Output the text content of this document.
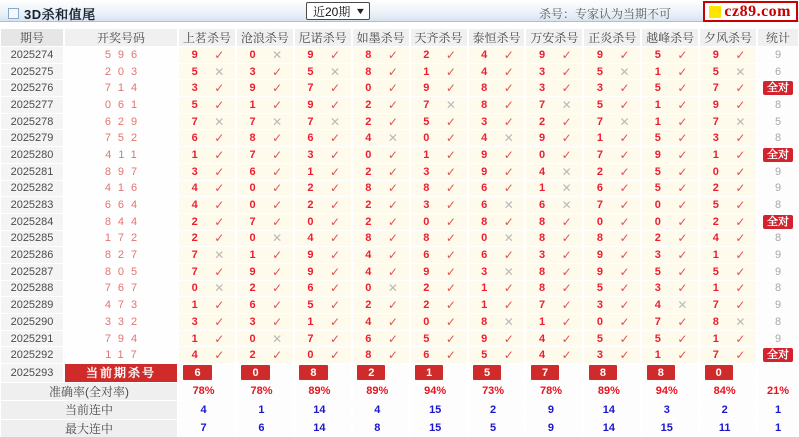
3D杀和值尾	近20期 ▼	杀号：专家认为当期不可	cz89.com
期号	开奖号码	上茗杀号 沧浪杀号 尼诺杀号 如墨杀号 天齐杀号 泰恒杀号 万安杀号 正炎杀号 越峰杀号 夕风杀号	统计
2025274	596	9	✓	0	✕	9	✓	8	✓	2	✓	4	✓	9	✓	9	✓	5	✓	9	✓	9
2025275	203	5	✕	3	✓	5	✕	8	✓	1	✓	4	✓	3	✓	5	✕	1	✓	5	✕	6
2025276	714	3	✓	9	✓	7	✓	0	✓	9	✓	8	✓	3	✓	3	✓	5	✓	7	✓	全对
2025277	061	5	✓	1	✓	9	✓	2	✓	7	✕	8	✓	7	✕	5	✓	1	✓	9	✓	8
2025278	629	7	✕	7	✕	7	✕	2	✓	5	✓	3	✓	2	✓	7	✕	1	✓	7	✕	5
2025279	752	6	✓	8	✓	6	✓	4	✕	0	✓	4	✕	9	✓	1	✓	5	✓	3	✓	8
2025280	411	1	✓	7	✓	3	✓	0	✓	1	✓	9	✓	0	✓	7	✓	9	✓	1	✓	全对
2025281	897	3	✓	6	✓	1	✓	2	✓	3	✓	9	✓	4	✕	2	✓	5	✓	0	✓	9
2025282	416	4	✓	0	✓	2	✓	8	✓	8	✓	6	✓	1	✕	6	✓	5	✓	2	✓	9
2025283	664	4	✓	0	✓	2	✓	2	✓	3	✓	6	✕	6	✕	7	✓	0	✓	5	✓	8
2025284	844	2	✓	7	✓	0	✓	2	✓	0	✓	8	✓	8	✓	0	✓	0	✓	2	✓	全对
2025285	172	2	✓	0	✕	4	✓	8	✓	8	✓	0	✕	8	✓	8	✓	2	✓	4	✓	8
2025286	827	7	✕	1	✓	9	✓	4	✓	6	✓	6	✓	3	✓	9	✓	3	✓	1	✓	9
2025287	805	7	✓	9	✓	9	✓	4	✓	9	✓	3	✕	8	✓	9	✓	5	✓	5	✓	9
2025288	767	0	✕	2	✓	6	✓	0	✕	2	✓	1	✓	8	✓	5	✓	3	✓	1	✓	8
2025289	473	1	✓	6	✓	5	✓	2	✓	2	✓	1	✓	7	✓	3	✓	4	✕	7	✓	9
2025290	332	3	✓	3	✓	1	✓	4	✓	0	✓	8	✕	1	✓	0	✓	7	✓	8	✕	8
2025291	794	1	✓	0	✕	7	✓	6	✓	5	✓	9	✓	4	✓	5	✓	5	✓	1	✓	9
2025292	117	4	✓	2	✓	0	✓	8	✓	6	✓	5	✓	4	✓	3	✓	1	✓	7	✓	全对
2025293	当前期杀号	6	0	8	2	1	5	7	8	8	0
准确率(全对率)	78%	78%	89%	89%	94%	73%	78%	89%	94%	84%	21%
当前连中	4	1	14	4	15	2	9	14	3	2	1
最大连中	7	6	14	8	15	5	9	14	15	11	1
